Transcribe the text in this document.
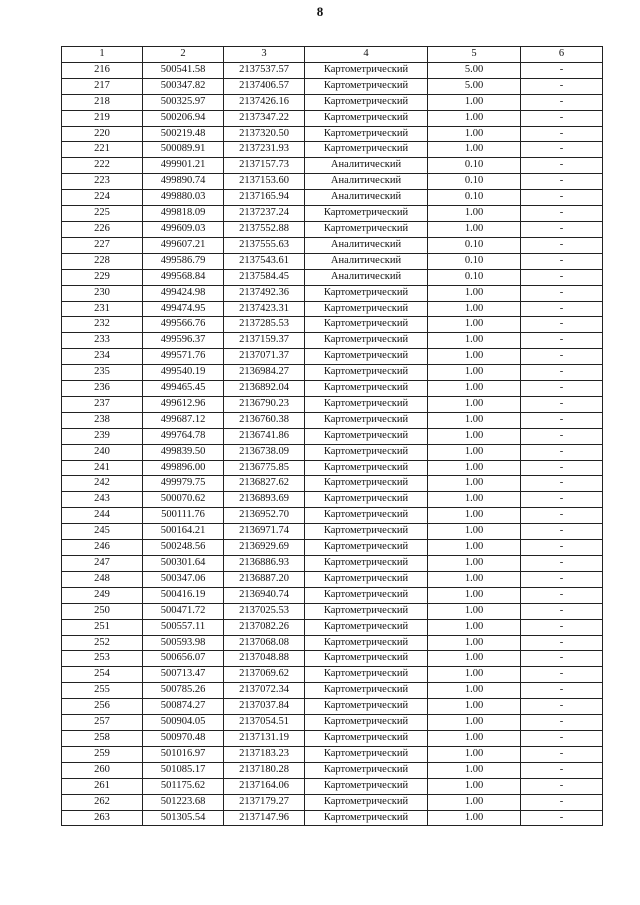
8
1	2	3	4	5	6
216	500541.58	2137537.57	Картометрический	5.00	-
217	500347.82	2137406.57	Картометрический	5.00	-
218	500325.97	2137426.16	Картометрический	1.00	-
219	500206.94	2137347.22	Картометрический	1.00	-
220	500219.48	2137320.50	Картометрический	1.00	-
221	500089.91	2137231.93	Картометрический	1.00	-
222	499901.21	2137157.73	Аналитический	0.10	-
223	499890.74	2137153.60	Аналитический	0.10	-
224	499880.03	2137165.94	Аналитический	0.10	-
225	499818.09	2137237.24	Картометрический	1.00	-
226	499609.03	2137552.88	Картометрический	1.00	-
227	499607.21	2137555.63	Аналитический	0.10	-
228	499586.79	2137543.61	Аналитический	0.10	-
229	499568.84	2137584.45	Аналитический	0.10	-
230	499424.98	2137492.36	Картометрический	1.00	-
231	499474.95	2137423.31	Картометрический	1.00	-
232	499566.76	2137285.53	Картометрический	1.00	-
233	499596.37	2137159.37	Картометрический	1.00	-
234	499571.76	2137071.37	Картометрический	1.00	-
235	499540.19	2136984.27	Картометрический	1.00	-
236	499465.45	2136892.04	Картометрический	1.00	-
237	499612.96	2136790.23	Картометрический	1.00	-
238	499687.12	2136760.38	Картометрический	1.00	-
239	499764.78	2136741.86	Картометрический	1.00	-
240	499839.50	2136738.09	Картометрический	1.00	-
241	499896.00	2136775.85	Картометрический	1.00	-
242	499979.75	2136827.62	Картометрический	1.00	-
243	500070.62	2136893.69	Картометрический	1.00	-
244	500111.76	2136952.70	Картометрический	1.00	-
245	500164.21	2136971.74	Картометрический	1.00	-
246	500248.56	2136929.69	Картометрический	1.00	-
247	500301.64	2136886.93	Картометрический	1.00	-
248	500347.06	2136887.20	Картометрический	1.00	-
249	500416.19	2136940.74	Картометрический	1.00	-
250	500471.72	2137025.53	Картометрический	1.00	-
251	500557.11	2137082.26	Картометрический	1.00	-
252	500593.98	2137068.08	Картометрический	1.00	-
253	500656.07	2137048.88	Картометрический	1.00	-
254	500713.47	2137069.62	Картометрический	1.00	-
255	500785.26	2137072.34	Картометрический	1.00	-
256	500874.27	2137037.84	Картометрический	1.00	-
257	500904.05	2137054.51	Картометрический	1.00	-
258	500970.48	2137131.19	Картометрический	1.00	-
259	501016.97	2137183.23	Картометрический	1.00	-
260	501085.17	2137180.28	Картометрический	1.00	-
261	501175.62	2137164.06	Картометрический	1.00	-
262	501223.68	2137179.27	Картометрический	1.00	-
263	501305.54	2137147.96	Картометрический	1.00	-
